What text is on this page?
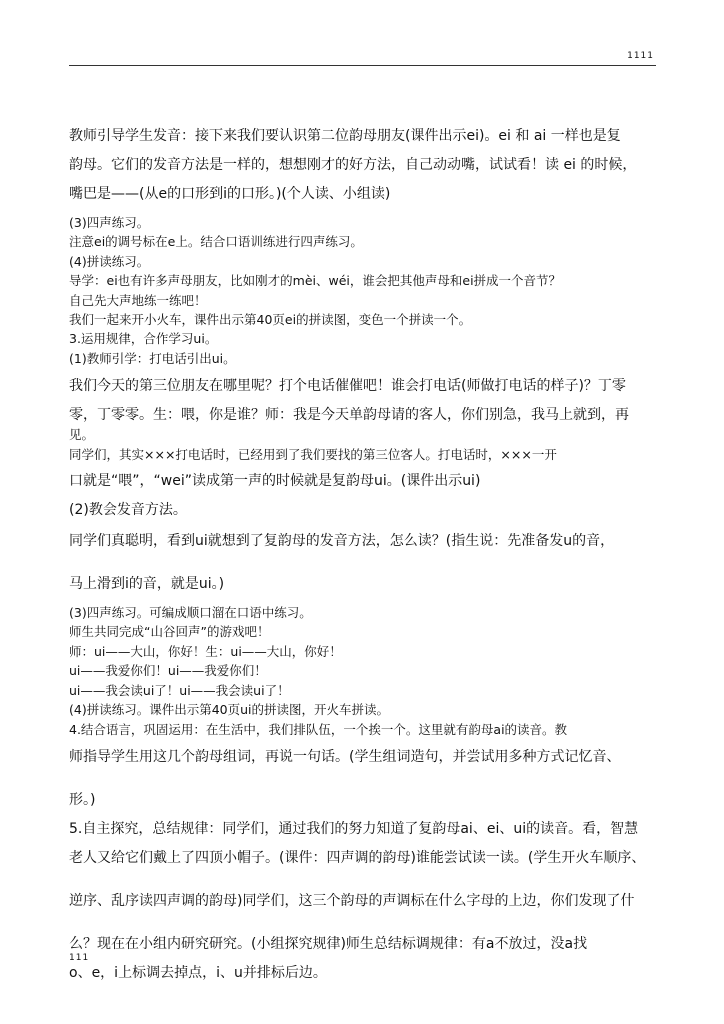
1111

教师引导学生发音：接下来我们要认识第二位韵母朋友(课件出示ei)。ei 和 ai 一样也是复

韵母。它们的发音方法是一样的，想想刚才的好方法，自己动动嘴，试试看！读 ei 的时候，

嘴巴是——(从e的口形到i的口形。)(个人读、小组读)

(3)四声练习。

注意ei的调号标在e上。结合口语训练进行四声练习。

(4)拼读练习。

导学：ei也有许多声母朋友，比如刚才的mèi、wéi，谁会把其他声母和ei拼成一个音节？

自己先大声地练一练吧！

我们一起来开小火车，课件出示第40页ei的拼读图，变色一个拼读一个。

3.运用规律，合作学习ui。

(1)教师引学：打电话引出ui。

我们今天的第三位朋友在哪里呢？打个电话催催吧！谁会打电话(师做打电话的样子)？丁零

零，丁零零。生：喂，你是谁？师：我是今天单韵母请的客人，你们别急，我马上就到，再

见。

同学们，其实×××打电话时，已经用到了我们要找的第三位客人。打电话时，×××一开

口就是“喂”，“wei”读成第一声的时候就是复韵母ui。(课件出示ui)

(2)教会发音方法。

同学们真聪明，看到ui就想到了复韵母的发音方法，怎么读？(指生说：先准备发u的音，

马上滑到i的音，就是ui。)

(3)四声练习。可编成顺口溜在口语中练习。

师生共同完成“山谷回声”的游戏吧！

师：ui——大山，你好！生：ui——大山，你好！

ui——我爱你们！ui——我爱你们！

ui——我会读ui了！ui——我会读ui了！

(4)拼读练习。课件出示第40页ui的拼读图，开火车拼读。

4.结合语言，巩固运用：在生活中，我们排队伍，一个挨一个。这里就有韵母ai的读音。教

师指导学生用这几个韵母组词，再说一句话。(学生组词造句，并尝试用多种方式记忆音、

形。)

5.自主探究，总结规律：同学们，通过我们的努力知道了复韵母ai、ei、ui的读音。看，智慧

老人又给它们戴上了四顶小帽子。(课件：四声调的韵母)谁能尝试读一读。(学生开火车顺序、

逆序、乱序读四声调的韵母)同学们，这三个韵母的声调标在什么字母的上边，你们发现了什

么？现在在小组内研究研究。(小组探究规律)师生总结标调规律：有a不放过，没a找

o、e，i上标调去掉点，i、u并排标后边。

111
